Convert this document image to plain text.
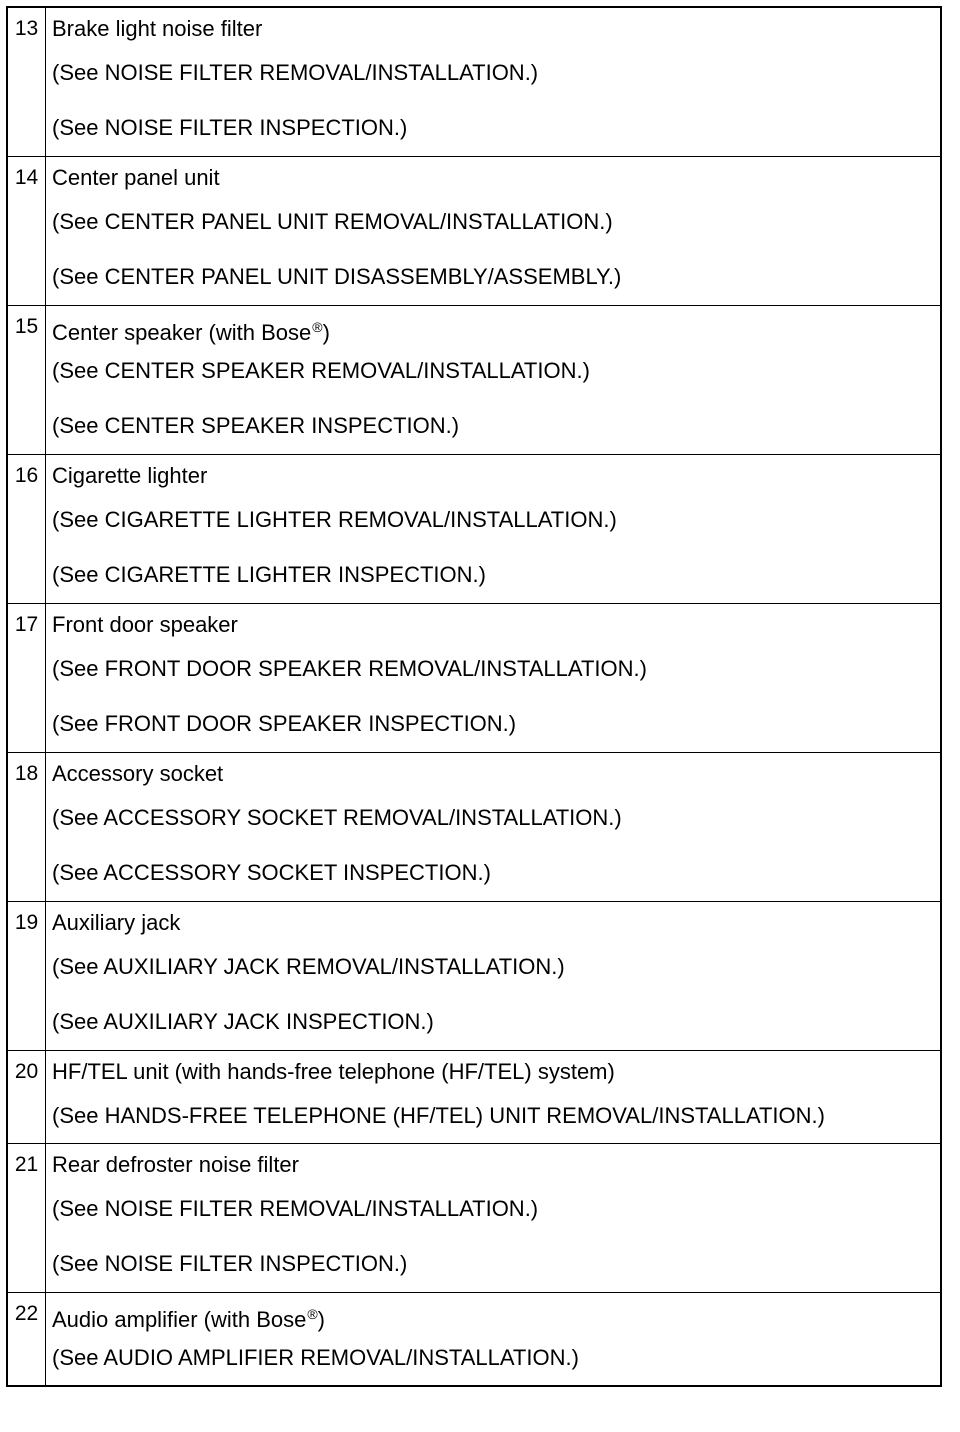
13	Brake light noise filter
(See NOISE FILTER REMOVAL/INSTALLATION.)
(See NOISE FILTER INSPECTION.)

14	Center panel unit
(See CENTER PANEL UNIT REMOVAL/INSTALLATION.)
(See CENTER PANEL UNIT DISASSEMBLY/ASSEMBLY.)

15	Center speaker (with Bose®)
(See CENTER SPEAKER REMOVAL/INSTALLATION.)
(See CENTER SPEAKER INSPECTION.)

16	Cigarette lighter
(See CIGARETTE LIGHTER REMOVAL/INSTALLATION.)
(See CIGARETTE LIGHTER INSPECTION.)

17	Front door speaker
(See FRONT DOOR SPEAKER REMOVAL/INSTALLATION.)
(See FRONT DOOR SPEAKER INSPECTION.)

18	Accessory socket
(See ACCESSORY SOCKET REMOVAL/INSTALLATION.)
(See ACCESSORY SOCKET INSPECTION.)

19	Auxiliary jack
(See AUXILIARY JACK REMOVAL/INSTALLATION.)
(See AUXILIARY JACK INSPECTION.)

20	HF/TEL unit (with hands-free telephone (HF/TEL) system)
(See HANDS-FREE TELEPHONE (HF/TEL) UNIT REMOVAL/INSTALLATION.)

21	Rear defroster noise filter
(See NOISE FILTER REMOVAL/INSTALLATION.)
(See NOISE FILTER INSPECTION.)

22	Audio amplifier (with Bose®)
(See AUDIO AMPLIFIER REMOVAL/INSTALLATION.)
